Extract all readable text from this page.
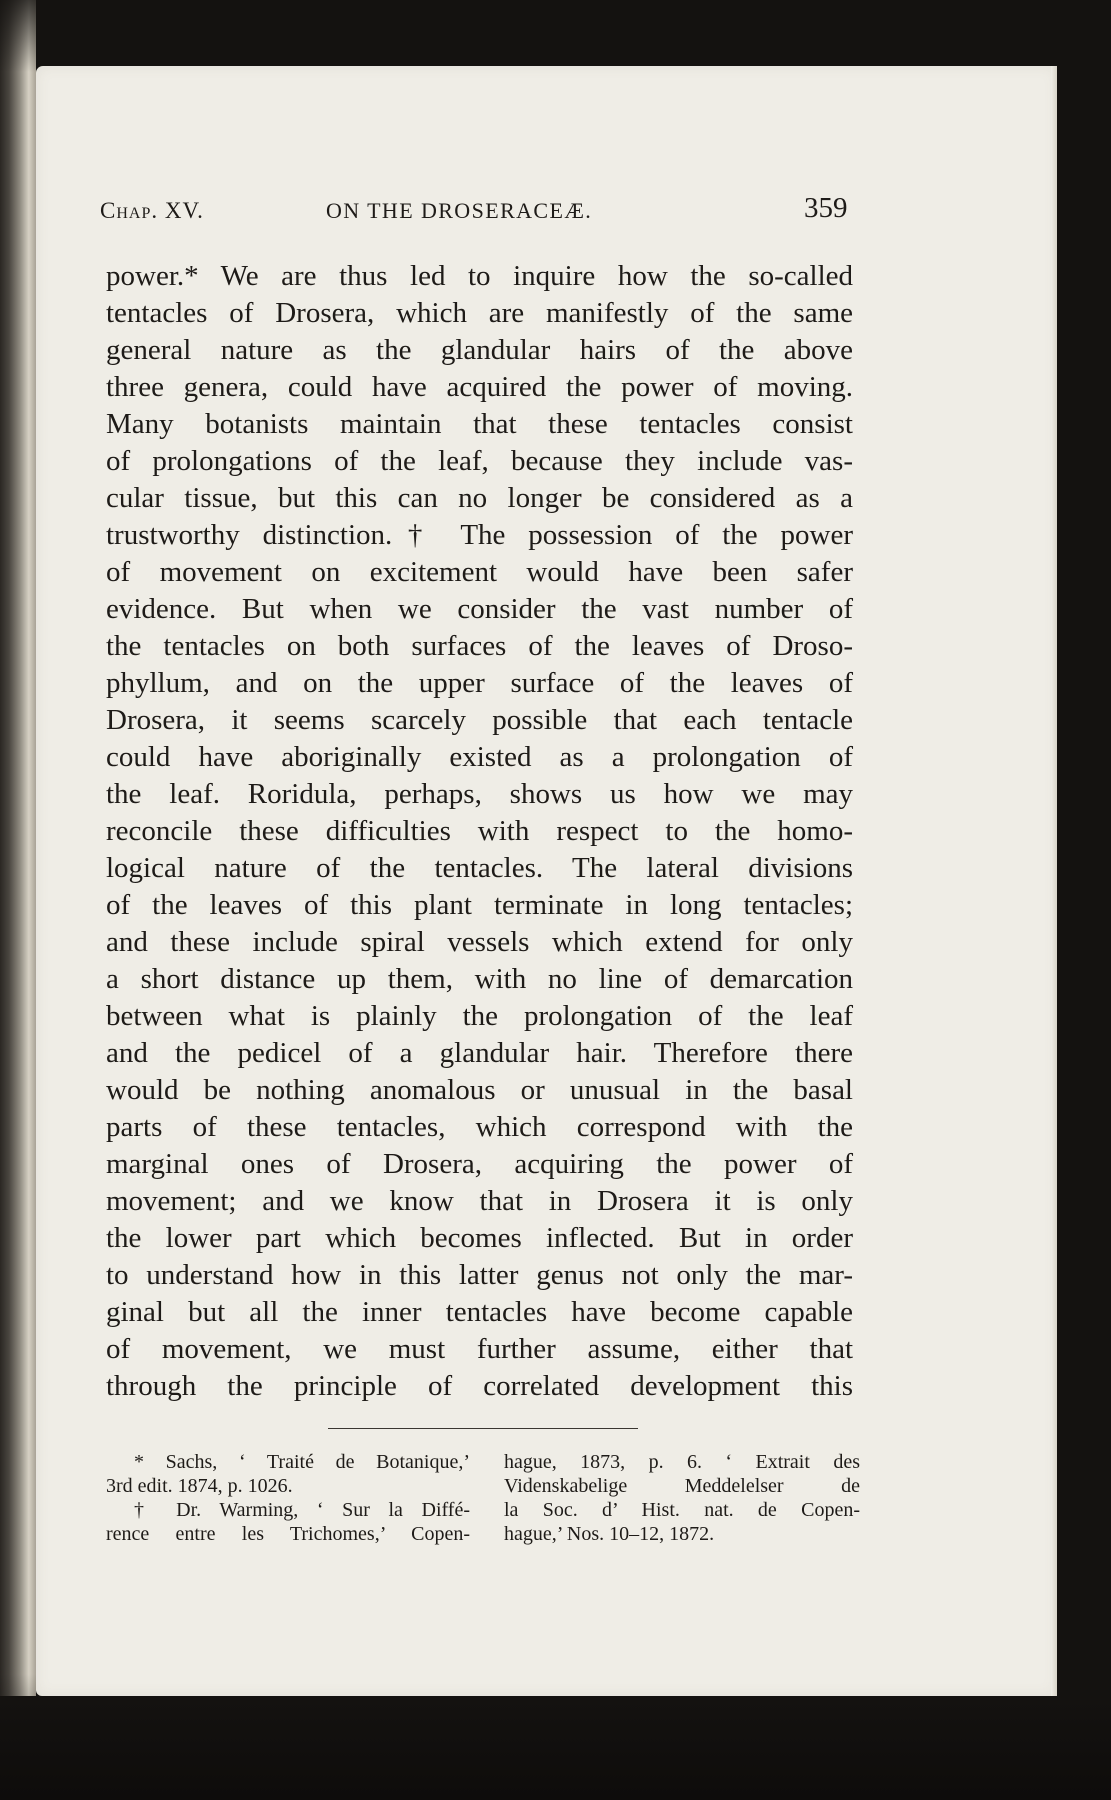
Chap. XV.	ON THE DROSERACEÆ.	359
power.* We are thus led to inquire how the so-called
tentacles of Drosera, which are manifestly of the same
general nature as the glandular hairs of the above
three genera, could have acquired the power of moving.
Many botanists maintain that these tentacles consist
of prolongations of the leaf, because they include vas-
cular tissue, but this can no longer be considered as a
trustworthy distinction.† The possession of the power
of movement on excitement would have been safer
evidence. But when we consider the vast number of
the tentacles on both surfaces of the leaves of Droso-
phyllum, and on the upper surface of the leaves of
Drosera, it seems scarcely possible that each tentacle
could have aboriginally existed as a prolongation of
the leaf. Roridula, perhaps, shows us how we may
reconcile these difficulties with respect to the homo-
logical nature of the tentacles. The lateral divisions
of the leaves of this plant terminate in long tentacles;
and these include spiral vessels which extend for only
a short distance up them, with no line of demarcation
between what is plainly the prolongation of the leaf
and the pedicel of a glandular hair. Therefore there
would be nothing anomalous or unusual in the basal
parts of these tentacles, which correspond with the
marginal ones of Drosera, acquiring the power of
movement; and we know that in Drosera it is only
the lower part which becomes inflected. But in order
to understand how in this latter genus not only the mar-
ginal but all the inner tentacles have become capable
of movement, we must further assume, either that
through the principle of correlated development this
* Sachs, ‘ Traité de Botanique,’
3rd edit. 1874, p. 1026.
† Dr. Warming, ‘ Sur la Diffé-
rence entre les Trichomes,’ Copen-
hague, 1873, p. 6. ‘ Extrait des
Videnskabelige Meddelelser de
la Soc. d’ Hist. nat. de Copen-
hague,’ Nos. 10–12, 1872.
